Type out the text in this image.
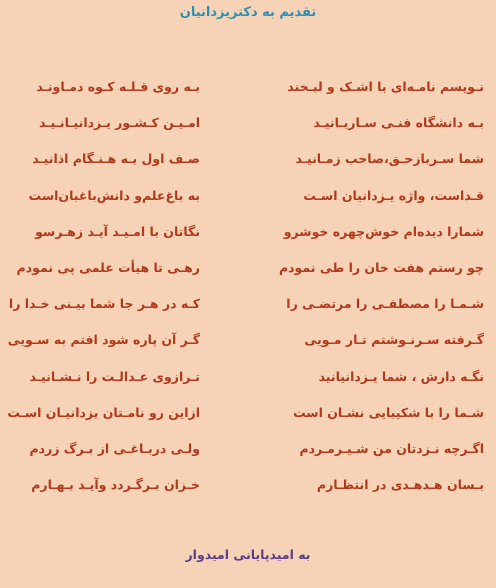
تقدیم به دکتریزدانیان
نـویسم نامـه‌ای با اشـک و لبـخند
بـه روی قـلـه کـوه دمـاونـد
بـه دانشگاه فنـی سـاربـانیـد
امـیـن کـشـور یـزدانیـانـیـد
شما سـربازحـق،صاحب زمـانیـد
صـف اول بـه هـنـگام اذانیـد
قـداست، واژه یـزدانیان اسـت
به باغ‌علم‌و دانش‌باغبان‌است
شمارا دیده‌ام خوش‌چهره خوشرو
نگاتان با امـیـد آیـد زهـرسو
چو رستم هفت خان را طی نمودم
رهـی تا هیأت علمی پی نمودم
شـمـا را مصطفـی را مرتضـی را
کـه در هـر جا شما بیـنی خـدا را
گـرفته سـرنـوشتم تـار مـویی
گـر آن پاره شود افتم به سـویی
نگـه دارش ، شما یـزدانیانید
تـرازوی عـدالـت را نـشـانیـد
شـما را با شکیبایی نشـان است
ازاین رو نامـتان یزدانیـان اسـت
اگـرچه نـزدتان من شـیـرمـردم
ولـی دربـاغـی از بـرگ زردم
بـسان هـدهـدی در انتظـارم
خـزان بـرگـردد وآیـد بـهـارم
به امیدپایانی امیدوار
